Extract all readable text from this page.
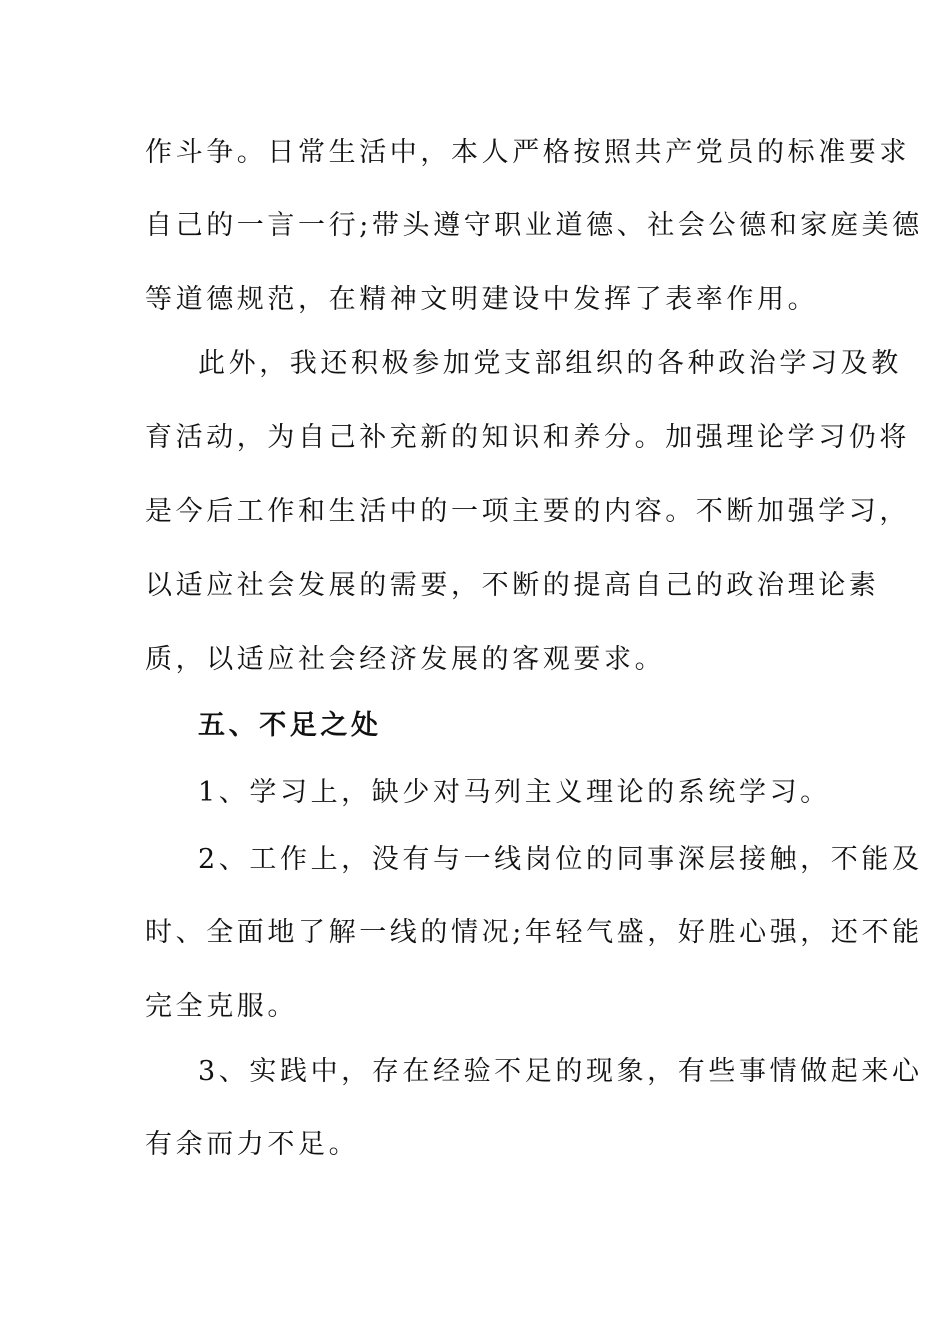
作斗争。日常生活中，本人严格按照共产党员的标准要求
自己的一言一行;带头遵守职业道德、社会公德和家庭美德
等道德规范，在精神文明建设中发挥了表率作用。
此外，我还积极参加党支部组织的各种政治学习及教
育活动，为自己补充新的知识和养分。加强理论学习仍将
是今后工作和生活中的一项主要的内容。不断加强学习，
以适应社会发展的需要，不断的提高自己的政治理论素
质，以适应社会经济发展的客观要求。
五、不足之处
1、学习上，缺少对马列主义理论的系统学习。
2、工作上，没有与一线岗位的同事深层接触，不能及
时、全面地了解一线的情况;年轻气盛，好胜心强，还不能
完全克服。
3、实践中，存在经验不足的现象，有些事情做起来心
有余而力不足。
